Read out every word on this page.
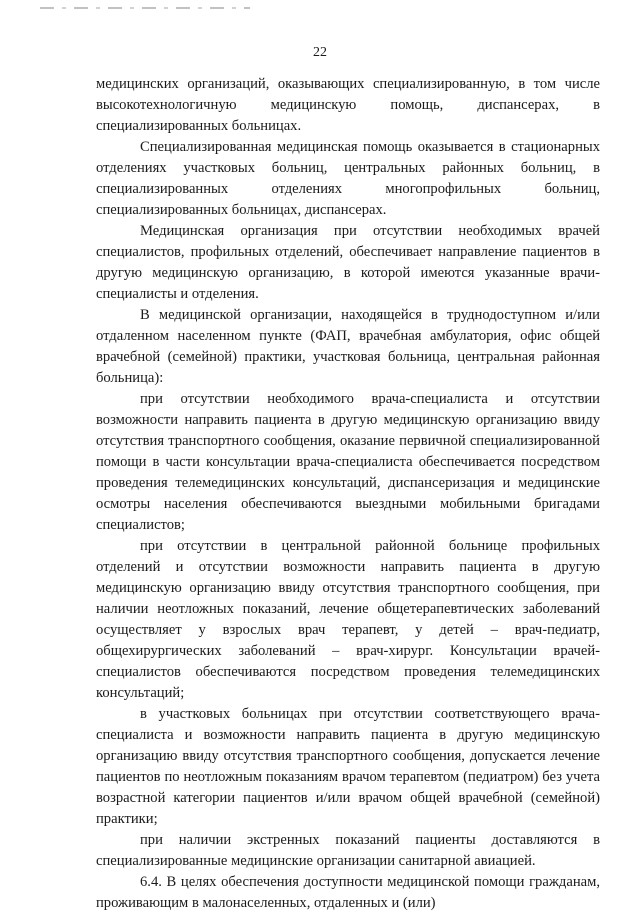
22

медицинских организаций, оказывающих специализированную, в том числе высокотехнологичную медицинскую помощь, диспансерах, в специализированных больницах.

Специализированная медицинская помощь оказывается в стационарных отделениях участковых больниц, центральных районных больниц, в специализированных отделениях многопрофильных больниц, специализированных больницах, диспансерах.

Медицинская организация при отсутствии необходимых врачей специалистов, профильных отделений, обеспечивает направление пациентов в другую медицинскую организацию, в которой имеются указанные врачи-специалисты и отделения.

В медицинской организации, находящейся в труднодоступном и/или отдаленном населенном пункте (ФАП, врачебная амбулатория, офис общей врачебной (семейной) практики, участковая больница, центральная районная больница):

при отсутствии необходимого врача-специалиста и отсутствии возможности направить пациента в другую медицинскую организацию ввиду отсутствия транспортного сообщения, оказание первичной специализированной помощи в части консультации врача-специалиста обеспечивается посредством проведения телемедицинских консультаций, диспансеризация и медицинские осмотры населения обеспечиваются выездными мобильными бригадами специалистов;

при отсутствии в центральной районной больнице профильных отделений и отсутствии возможности направить пациента в другую медицинскую организацию ввиду отсутствия транспортного сообщения, при наличии неотложных показаний, лечение общетерапевтических заболеваний осуществляет у взрослых врач терапевт, у детей – врач-педиатр, общехирургических заболеваний – врач-хирург. Консультации врачей-специалистов обеспечиваются посредством проведения телемедицинских консультаций;

в участковых больницах при отсутствии соответствующего врача-специалиста и возможности направить пациента в другую медицинскую организацию ввиду отсутствия транспортного сообщения, допускается лечение пациентов по неотложным показаниям врачом терапевтом (педиатром) без учета возрастной категории пациентов и/или врачом общей врачебной (семейной) практики;

при наличии экстренных показаний пациенты доставляются в специализированные медицинские организации санитарной авиацией.

6.4. В целях обеспечения доступности медицинской помощи гражданам, проживающим в малонаселенных, отдаленных и (или)
